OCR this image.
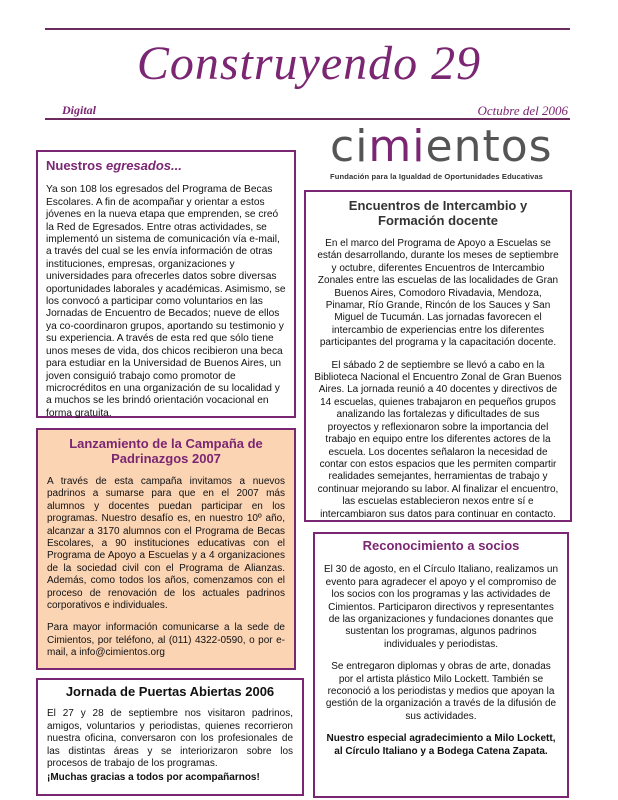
Construyendo 29
Digital	Octubre del 2006
Nuestros egresados...

Ya son 108 los egresados del Programa de Becas Escolares. A fin de acompañar y orientar a estos jóvenes en la nueva etapa que emprenden, se creó la Red de Egresados. Entre otras actividades, se implementó un sistema de comunicación vía e-mail, a través del cual se les envía información de otras instituciones, empresas, organizaciones y universidades para ofrecerles datos sobre diversas oportunidades laborales y académicas. Asimismo, se los convocó a participar como voluntarios en las Jornadas de Encuentro de Becados; nueve de ellos ya co-coordinaron grupos, aportando su testimonio y su experiencia. A través de esta red que sólo tiene unos meses de vida, dos chicos recibieron una beca para estudiar en la Universidad de Buenos Aires, un joven consiguió trabajo como promotor de microcréditos en una organización de su localidad y a muchos se les brindó orientación vocacional en forma gratuita.

cimientos
Fundación para la Igualdad de Oportunidades Educativas
Encuentros de Intercambio y Formación docente

En el marco del Programa de Apoyo a Escuelas se están desarrollando, durante los meses de septiembre y octubre, diferentes Encuentros de Intercambio Zonales entre las escuelas de las localidades de Gran Buenos Aires, Comodoro Rivadavia, Mendoza, Pinamar, Río Grande, Rincón de los Sauces y San Miguel de Tucumán. Las jornadas favorecen el intercambio de experiencias entre los diferentes participantes del programa y la capacitación docente.

El sábado 2 de septiembre se llevó a cabo en la Biblioteca Nacional el Encuentro Zonal de Gran Buenos Aires. La jornada reunió a 40 docentes y directivos de 14 escuelas, quienes trabajaron en pequeños grupos analizando las fortalezas y dificultades de sus proyectos y reflexionaron sobre la importancia del trabajo en equipo entre los diferentes actores de la escuela. Los docentes señalaron la necesidad de contar con estos espacios que les permiten compartir realidades semejantes, herramientas de trabajo y continuar mejorando su labor. Al finalizar el encuentro, las escuelas establecieron nexos entre sí e intercambiaron sus datos para continuar en contacto.

Lanzamiento de la Campaña de Padrinazgos 2007

A través de esta campaña invitamos a nuevos padrinos a sumarse para que en el 2007 más alumnos y docentes puedan participar en los programas. Nuestro desafío es, en nuestro 10º año, alcanzar a 3170 alumnos con el Programa de Becas Escolares, a 90 instituciones educativas con el Programa de Apoyo a Escuelas y a 4 organizaciones de la sociedad civil con el Programa de Alianzas. Además, como todos los años, comenzamos con el proceso de renovación de los actuales padrinos corporativos e individuales.

Para mayor información comunicarse a la sede de Cimientos, por teléfono, al (011) 4322-0590, o por e-mail, a info@cimientos.org

Reconocimiento a socios

El 30 de agosto, en el Círculo Italiano, realizamos un evento para agradecer el apoyo y el compromiso de los socios con los programas y las actividades de Cimientos. Participaron directivos y representantes de las organizaciones y fundaciones donantes que sustentan los programas, algunos padrinos individuales y periodistas.

Se entregaron diplomas y obras de arte, donadas por el artista plástico Milo Lockett. También se reconoció a los periodistas y medios que apoyan la gestión de la organización a través de la difusión de sus actividades.

Nuestro especial agradecimiento a Milo Lockett, al Círculo Italiano y a Bodega Catena Zapata.

Jornada de Puertas Abiertas 2006

El 27 y 28 de septiembre nos visitaron padrinos, amigos, voluntarios y periodistas, quienes recorrieron nuestra oficina, conversaron con los profesionales de las distintas áreas y se interiorizaron sobre los procesos de trabajo de los programas.

¡Muchas gracias a todos por acompañarnos!
